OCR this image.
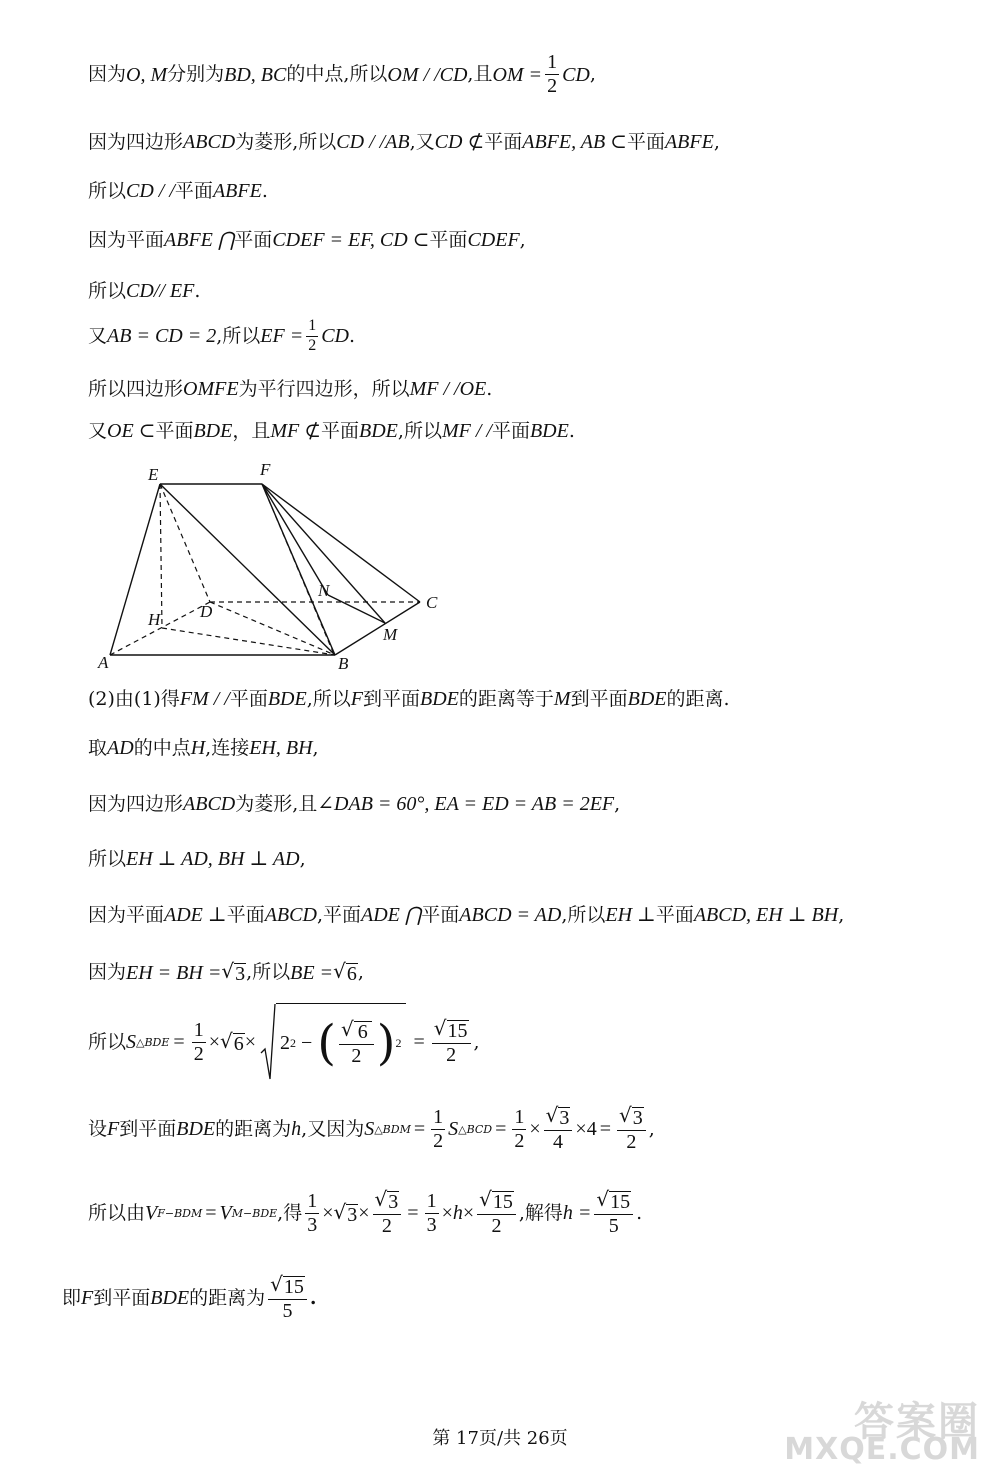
因为 O, M 分别为 BD, BC 的中点,所以 OM / /CD ,且 OM = $\frac{1}{2}$ CD ,
因为四边形 ABCD 为菱形,所以 CD / /AB ,又 CD ⊄ 平面 ABFE, AB ⊂ 平面 ABFE ,
所以 CD / / 平面 ABFE .
因为平面 ABFE ⋂ 平面 CDEF = EF, CD ⊂ 平面 CDEF ,
所以 CD// EF .
又 AB = CD = 2 ,所以 EF = $\frac{1}{2}$ CD .
所以四边形 OMFE 为平行四边形，所以 MF / /OE .
又 OE ⊂ 平面 BDE ，且 MF ⊄ 平面 BDE ,所以 MF / / 平面 BDE .
E	F
N
C
D
H
M
A	B
(2)由(1)得 FM / / 平面 BDE ,所以 F 到平面 BDE 的距离等于 M 到平面 BDE 的距离.
取 AD 的中点 H ,连接 EH, BH ,
因为四边形 ABCD 为菱形,且 ∠DAB = 60°, EA = ED = AB = 2EF ,
所以 EH ⊥ AD, BH ⊥ AD ,
因为平面 ADE ⊥ 平面 ABCD ,平面 ADE ⋂ 平面 ABCD = AD ,所以 EH ⊥ 平面 ABCD, EH ⊥ BH ,
因为 EH = BH = √ 3 ,所以 BE = √ 6 ,
所以 S △BDE = $\frac{1}{2}$ × √ 6 × 2 2 − ( $\frac{√ 6}{2}$ ) $2 = \frac{√ 15}{2}$ ,
设 F 到平面 BDE 的距离为 h ,又因为 S △BDM = $\frac{1}{2}$ S △BCD = $\frac{1}{2} \times \frac{√ 3}{4} \times 4 = \frac{√ 3}{2}$ ,
所以由 V F−BDM = V M−BDE ,得 $\frac{1}{3}$ × √ $3 \times \frac{√ 3}{2} = \frac{1}{3} \times h \times \frac{√ 15}{2}$ ,解得 $h = \frac{√ 15}{5}$ .
即 F 到平面 BDE 的距离为 $\frac{√ 15}{5}$ .
第 17页/共 26页	答案圈
MXQE.COM
